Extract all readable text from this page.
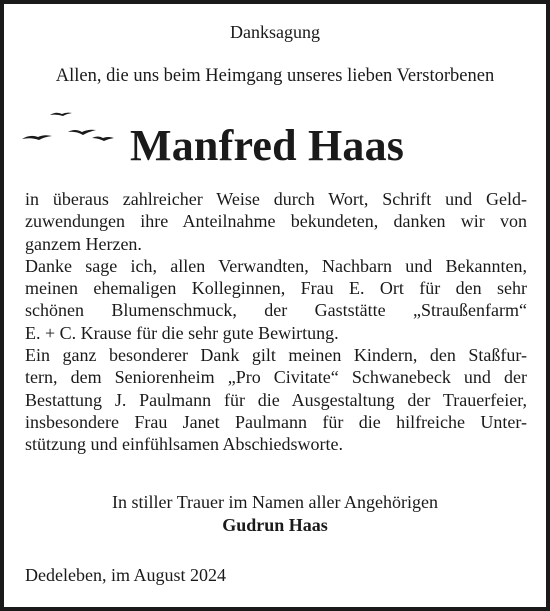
Danksagung
Allen, die uns beim Heimgang unseres lieben Verstorbenen
Manfred Haas
in überaus zahlreicher Weise durch Wort, Schrift und Geld-
zuwendungen ihre Anteilnahme bekundeten, danken wir von
ganzem Herzen.
Danke sage ich, allen Verwandten, Nachbarn und Bekannten,
meinen ehemaligen Kolleginnen, Frau E. Ort für den sehr
schönen Blumenschmuck, der Gaststätte „Straußenfarm“
E. + C. Krause für die sehr gute Bewirtung.
Ein ganz besonderer Dank gilt meinen Kindern, den Staßfur-
tern, dem Seniorenheim „Pro Civitate“ Schwanebeck und der
Bestattung J. Paulmann für die Ausgestaltung der Trauerfeier,
insbesondere Frau Janet Paulmann für die hilfreiche Unter-
stützung und einfühlsamen Abschiedsworte.
In stiller Trauer im Namen aller Angehörigen
Gudrun Haas
Dedeleben, im August 2024
